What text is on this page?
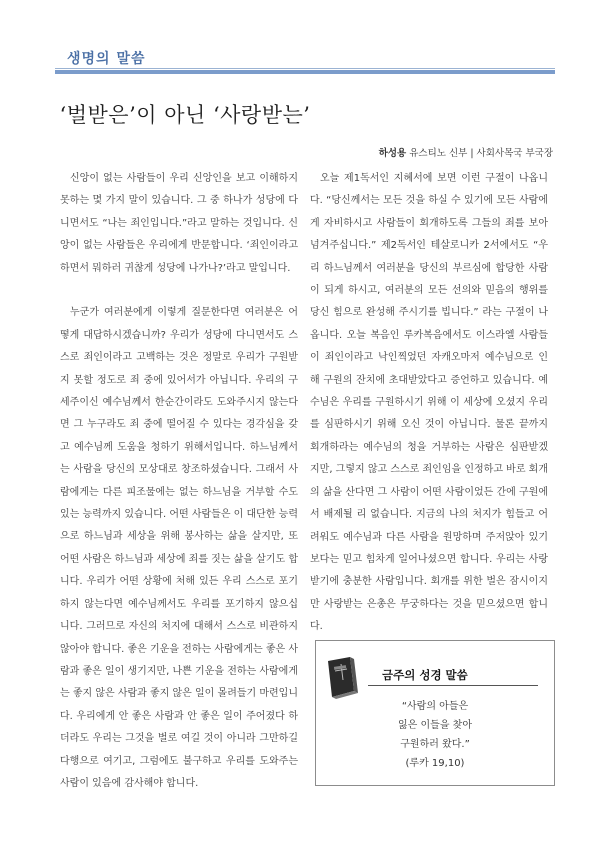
생명의 말씀
‘벌받은’이 아닌 ‘사랑받는’
하성용 유스티노 신부 | 사회사목국 부국장

신앙이 없는 사람들이 우리 신앙인을 보고 이해하지 못하는 몇 가지 말이 있습니다. 그 중 하나가 성당에 다니면서도 “나는 죄인입니다.”라고 말하는 것입니다. 신앙이 없는 사람들은 우리에게 반문합니다. ‘죄인이라고 하면서 뭐하러 귀찮게 성당에 나가나?’라고 말입니다.

누군가 여러분에게 이렇게 질문한다면 여러분은 어떻게 대답하시겠습니까? 우리가 성당에 다니면서도 스스로 죄인이라고 고백하는 것은 정말로 우리가 구원받지 못할 정도로 죄 중에 있어서가 아닙니다. 우리의 구세주이신 예수님께서 한순간이라도 도와주시지 않는다면 그 누구라도 죄 중에 떨어질 수 있다는 경각심을 갖고 예수님께 도움을 청하기 위해서입니다. 하느님께서는 사람을 당신의 모상대로 창조하셨습니다. 그래서 사람에게는 다른 피조물에는 없는 하느님을 거부할 수도 있는 능력까지 있습니다. 어떤 사람들은 이 대단한 능력으로 하느님과 세상을 위해 봉사하는 삶을 살지만, 또 어떤 사람은 하느님과 세상에 죄를 짓는 삶을 살기도 합니다. 우리가 어떤 상황에 처해 있든 우리 스스로 포기하지 않는다면 예수님께서도 우리를 포기하지 않으십니다. 그러므로 자신의 처지에 대해서 스스로 비관하지 않아야 합니다. 좋은 기운을 전하는 사람에게는 좋은 사람과 좋은 일이 생기지만, 나쁜 기운을 전하는 사람에게는 좋지 않은 사람과 좋지 않은 일이 몰려들기 마련입니다. 우리에게 안 좋은 사람과 안 좋은 일이 주어졌다 하더라도 우리는 그것을 벌로 여길 것이 아니라 그만하길 다행으로 여기고, 그럼에도 불구하고 우리를 도와주는 사람이 있음에 감사해야 합니다.

오늘 제1독서인 지혜서에 보면 이런 구절이 나옵니다. “당신께서는 모든 것을 하실 수 있기에 모든 사람에게 자비하시고 사람들이 회개하도록 그들의 죄를 보아 넘겨주십니다.” 제2독서인 테살로니카 2서에서도 “우리 하느님께서 여러분을 당신의 부르심에 합당한 사람이 되게 하시고, 여러분의 모든 선의와 믿음의 행위를 당신 힘으로 완성해 주시기를 빕니다.” 라는 구절이 나옵니다. 오늘 복음인 루카복음에서도 이스라엘 사람들이 죄인이라고 낙인찍었던 자캐오마저 예수님으로 인해 구원의 잔치에 초대받았다고 증언하고 있습니다. 예수님은 우리를 구원하시기 위해 이 세상에 오셨지 우리를 심판하시기 위해 오신 것이 아닙니다. 물론 끝까지 회개하라는 예수님의 청을 거부하는 사람은 심판받겠지만, 그렇지 않고 스스로 죄인임을 인정하고 바로 회개의 삶을 산다면 그 사람이 어떤 사람이었든 간에 구원에서 배제될 리 없습니다. 지금의 나의 처지가 힘들고 어려워도 예수님과 다른 사람을 원망하며 주저앉아 있기보다는 믿고 힘차게 일어나셨으면 합니다. 우리는 사랑받기에 충분한 사람입니다. 회개를 위한 벌은 잠시이지만 사랑받는 은총은 무궁하다는 것을 믿으셨으면 합니다.

금주의 성경 말씀
“사람의 아들은
잃은 이들을 찾아
구원하러 왔다.”
(루카 19,10)
